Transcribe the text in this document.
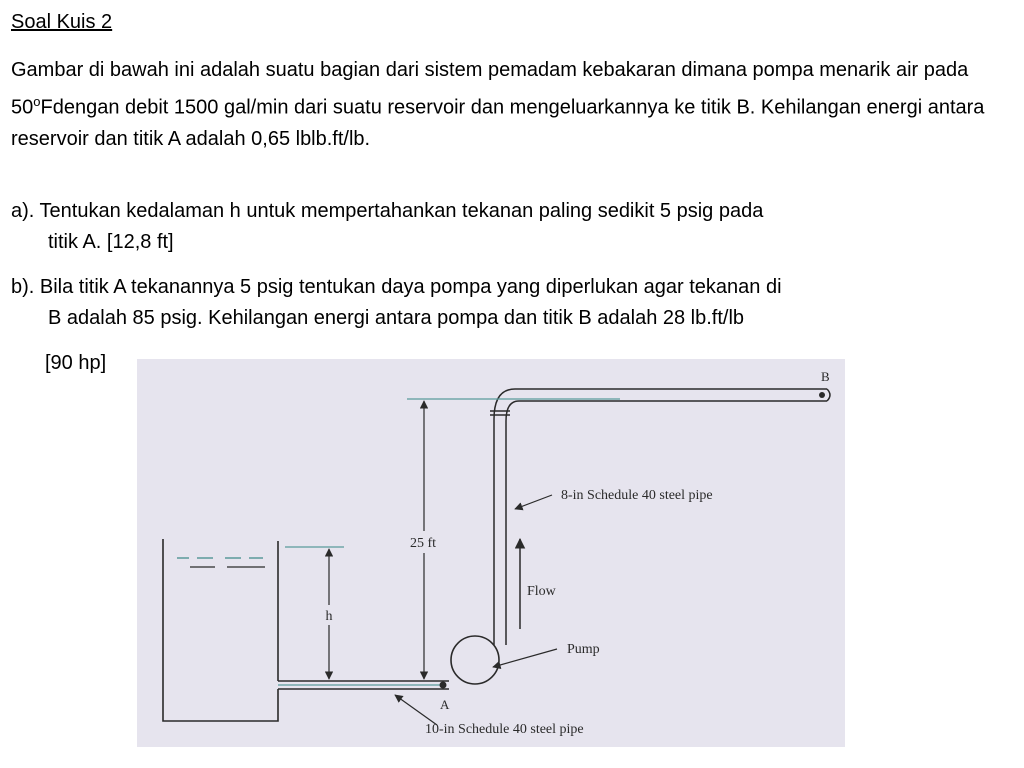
Soal Kuis 2

Gambar di bawah ini adalah suatu bagian dari sistem pemadam kebakaran dimana pompa menarik air pada 50$^o$Fdengan debit 1500 gal/min dari suatu reservoir dan mengeluarkannya ke titik B. Kehilangan energi antara reservoir dan titik A adalah 0,65 lblb.ft/lb.

a). Tentukan kedalaman h untuk mempertahankan tekanan paling sedikit 5 psig pada
titik A. [12,8 ft]

b). Bila titik A tekanannya 5 psig tentukan daya pompa yang diperlukan agar tekanan di
B adalah 85 psig. Kehilangan energi antara pompa dan titik B adalah 28 lb.ft/lb

[90 hp]
25 ft
h
Flow
B
8-in Schedule 40 steel pipe
Pump
A
10-in Schedule 40 steel pipe
